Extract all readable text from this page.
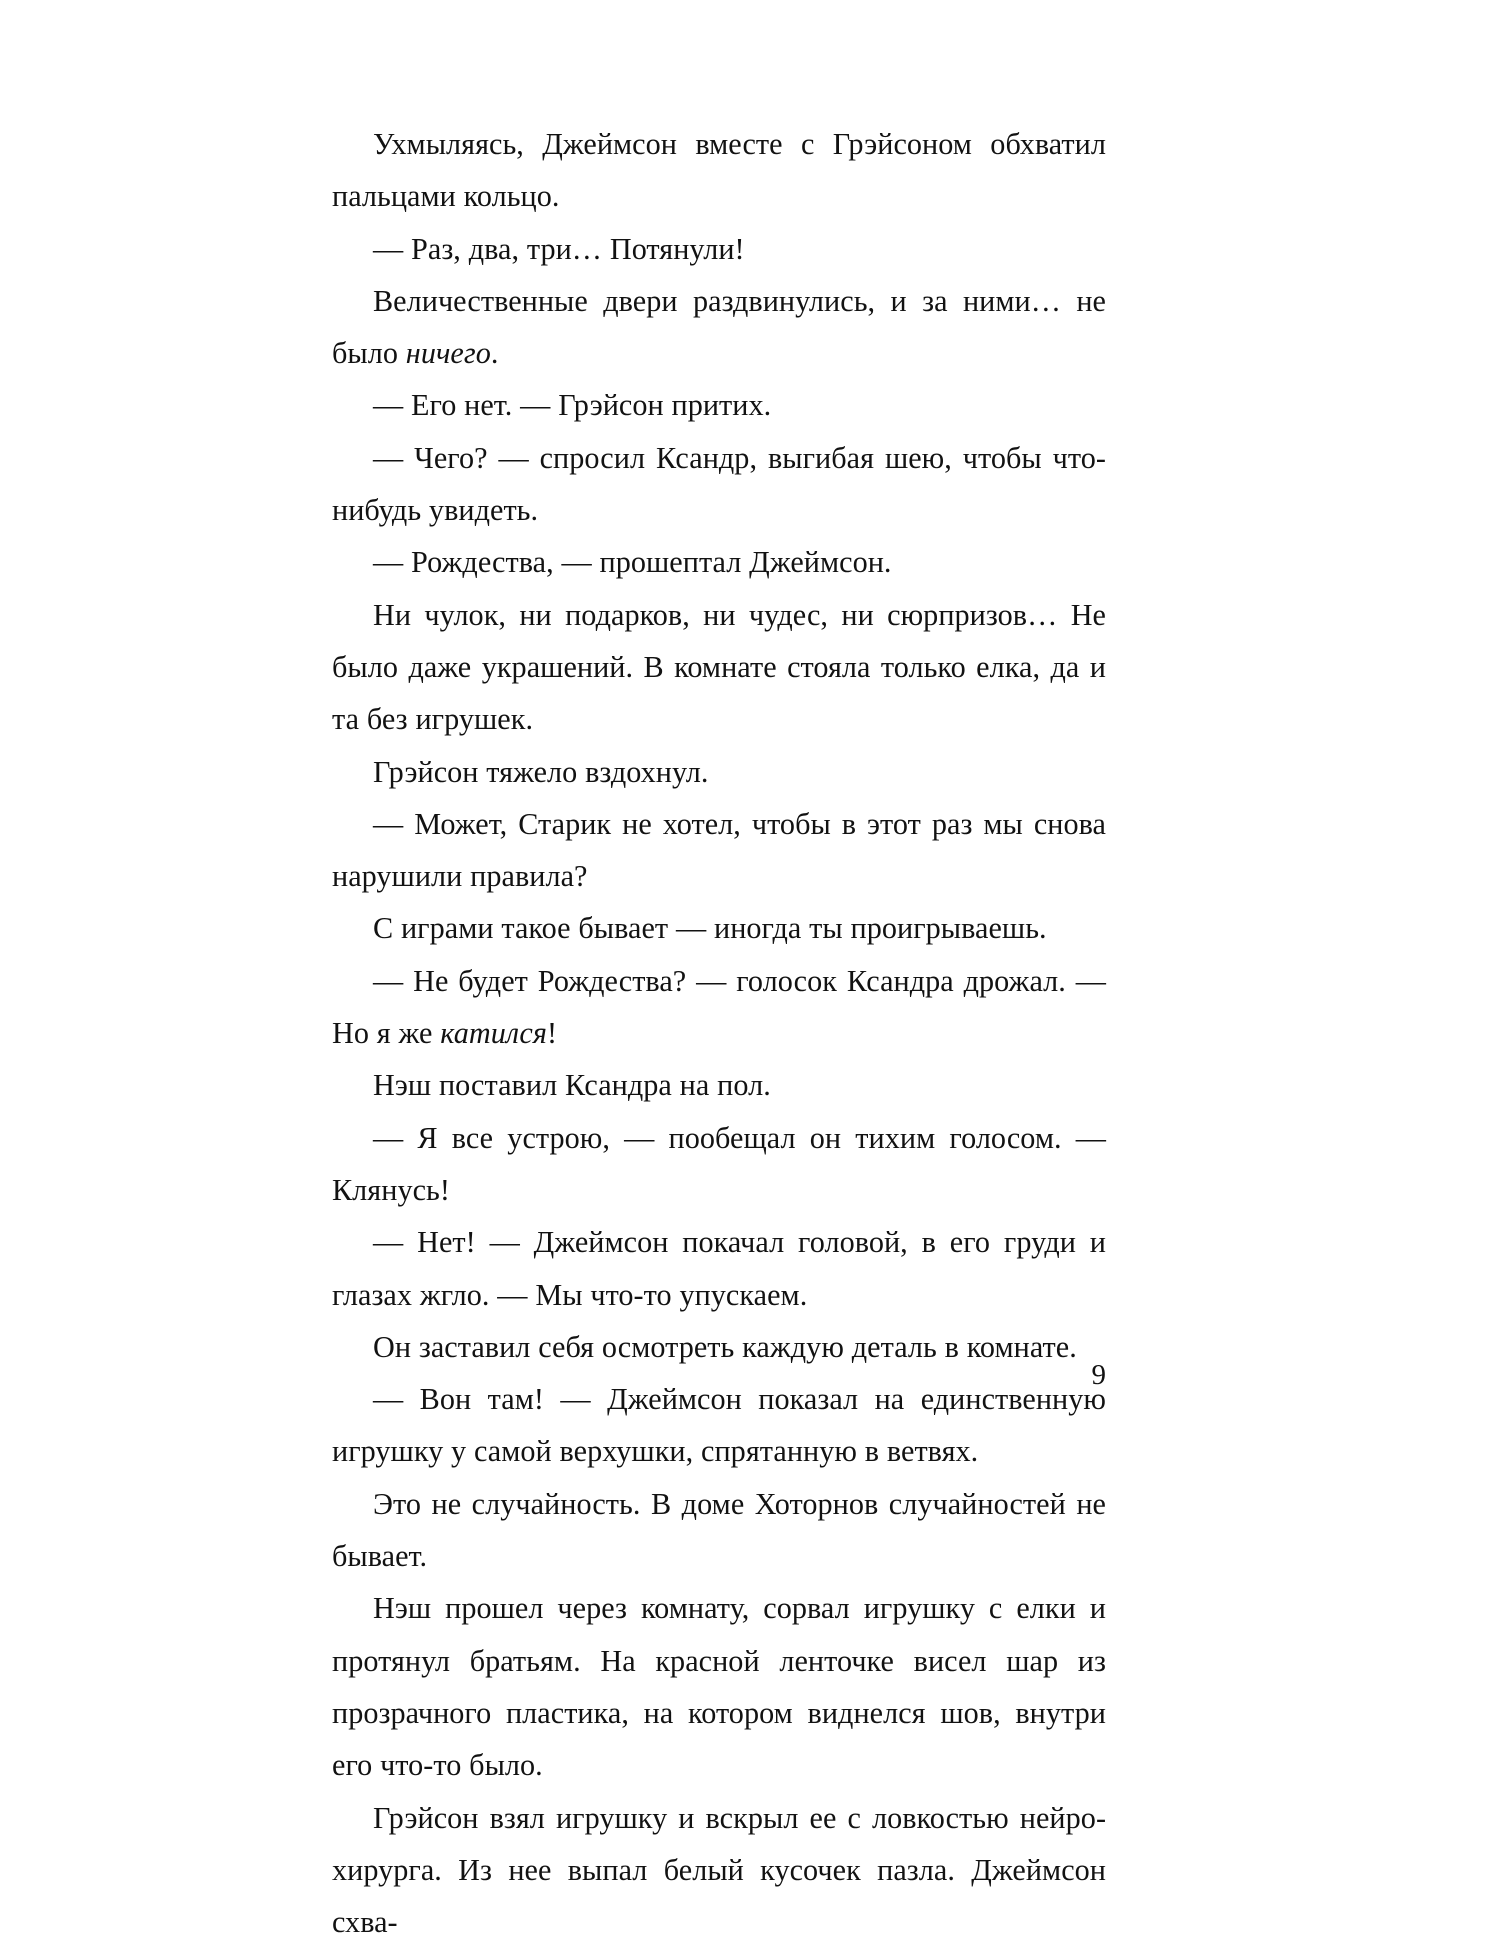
Ухмыляясь, Джеймсон вместе с Грэйсоном обхватил пальцами кольцо.

— Раз, два, три… Потянули!

Величественные двери раздвинулись, и за ними… не было ничего.

— Его нет. — Грэйсон притих.

— Чего? — спросил Ксандр, выгибая шею, чтобы что-нибудь увидеть.

— Рождества, — прошептал Джеймсон.

Ни чулок, ни подарков, ни чудес, ни сюрпризов… Не было даже украшений. В комнате стояла только елка, да и та без игрушек.

Грэйсон тяжело вздохнул.

— Может, Старик не хотел, чтобы в этот раз мы снова нарушили правила?

С играми такое бывает — иногда ты проигрываешь.

— Не будет Рождества? — голосок Ксандра дрожал. — Но я же катился!

Нэш поставил Ксандра на пол.

— Я все устрою, — пообещал он тихим голосом. — Клянусь!

— Нет! — Джеймсон покачал головой, в его груди и глазах жгло. — Мы что-то упускаем.

Он заставил себя осмотреть каждую деталь в комнате.

— Вон там! — Джеймсон показал на единственную игрушку у самой верхушки, спрятанную в ветвях.

Это не случайность. В доме Хоторнов случайностей не бывает.

Нэш прошел через комнату, сорвал игрушку с елки и протянул братьям. На красной ленточке висел шар из прозрачного пластика, на котором виднелся шов, внутри его что-то было.

Грэйсон взял игрушку и вскрыл ее с ловкостью нейрохирурга. Из нее выпал белый кусочек пазла. Джеймсон схва-

9
